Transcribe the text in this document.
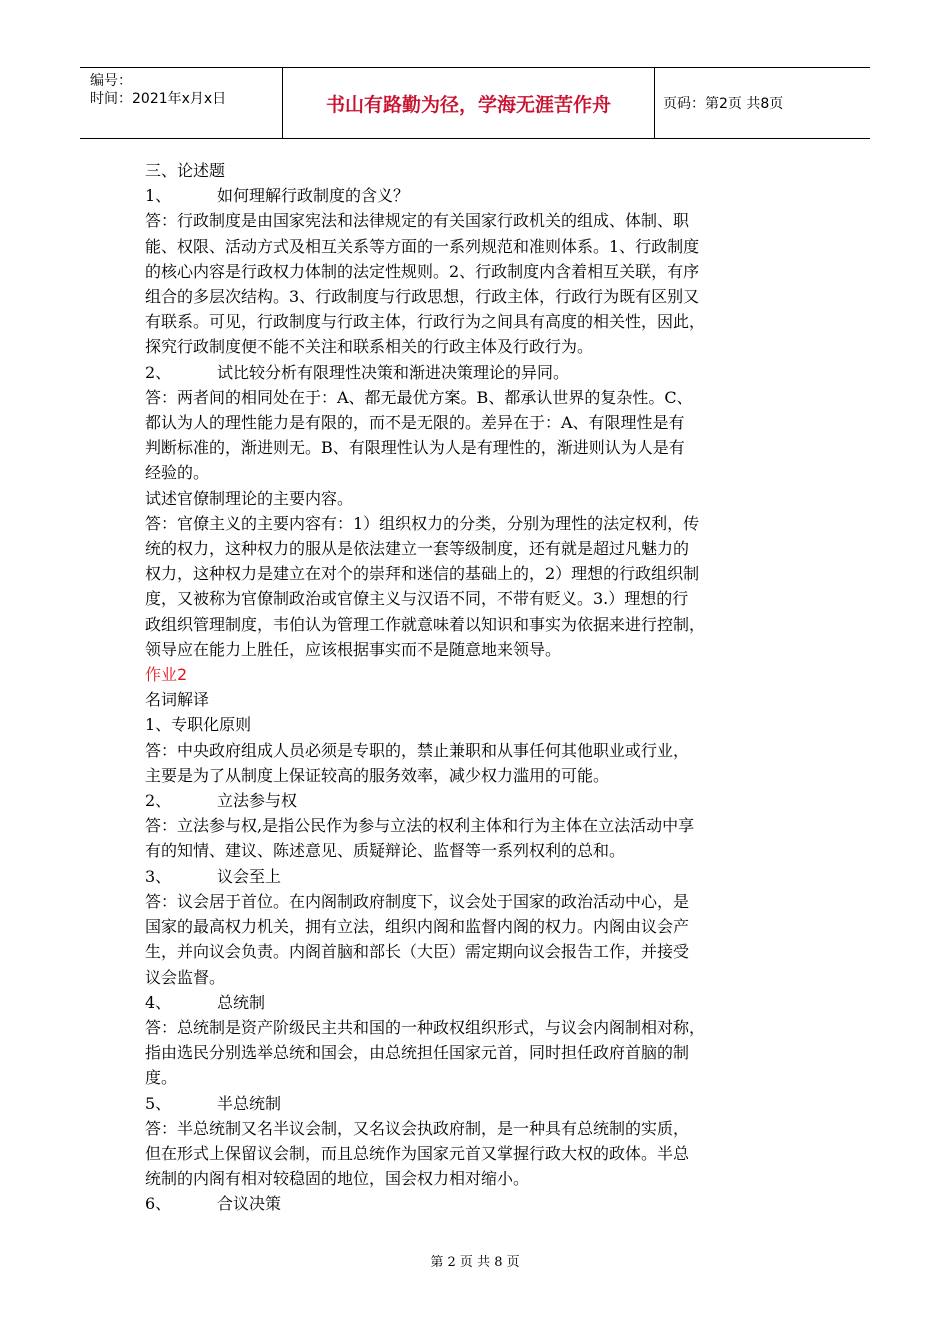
编号：
时间：2021年x月x日	书山有路勤为径，学海无涯苦作舟	页码：第2页 共8页
三、论述题
1、	如何理解行政制度的含义？
答：行政制度是由国家宪法和法律规定的有关国家行政机关的组成、体制、职
能、权限、活动方式及相互关系等方面的一系列规范和准则体系。1、行政制度
的核心内容是行政权力体制的法定性规则。2、行政制度内含着相互关联，有序
组合的多层次结构。3、行政制度与行政思想，行政主体，行政行为既有区别又
有联系。可见，行政制度与行政主体，行政行为之间具有高度的相关性，因此，
探究行政制度便不能不关注和联系相关的行政主体及行政行为。
2、	试比较分析有限理性决策和渐进决策理论的异同。
答：两者间的相同处在于：A、都无最优方案。B、都承认世界的复杂性。C、
都认为人的理性能力是有限的，而不是无限的。差异在于：A、有限理性是有
判断标准的，渐进则无。B、有限理性认为人是有理性的，渐进则认为人是有
经验的。
试述官僚制理论的主要内容。
答：官僚主义的主要内容有：1）组织权力的分类，分别为理性的法定权利，传
统的权力，这种权力的服从是依法建立一套等级制度，还有就是超过凡魅力的
权力，这种权力是建立在对个的崇拜和迷信的基础上的，2）理想的行政组织制
度，又被称为官僚制政治或官僚主义与汉语不同，不带有贬义。3.）理想的行
政组织管理制度，韦伯认为管理工作就意味着以知识和事实为依据来进行控制，
领导应在能力上胜任，应该根据事实而不是随意地来领导。
作业2
名词解译
1、专职化原则
答：中央政府组成人员必须是专职的，禁止兼职和从事任何其他职业或行业，
主要是为了从制度上保证较高的服务效率，减少权力滥用的可能。
2、	立法参与权
答：立法参与权,是指公民作为参与立法的权利主体和行为主体在立法活动中享
有的知情、建议、陈述意见、质疑辩论、监督等一系列权利的总和。
3、	议会至上
答：议会居于首位。在内阁制政府制度下，议会处于国家的政治活动中心，是
国家的最高权力机关，拥有立法，组织内阁和监督内阁的权力。内阁由议会产
生，并向议会负责。内阁首脑和部长（大臣）需定期向议会报告工作，并接受
议会监督。
4、	总统制
答：总统制是资产阶级民主共和国的一种政权组织形式，与议会内阁制相对称，
指由选民分别选举总统和国会，由总统担任国家元首，同时担任政府首脑的制
度。
5、	半总统制
答：半总统制又名半议会制，又名议会执政府制，是一种具有总统制的实质，
但在形式上保留议会制，而且总统作为国家元首又掌握行政大权的政体。半总
统制的内阁有相对较稳固的地位，国会权力相对缩小。
6、	合议决策
第 2 页 共 8 页
